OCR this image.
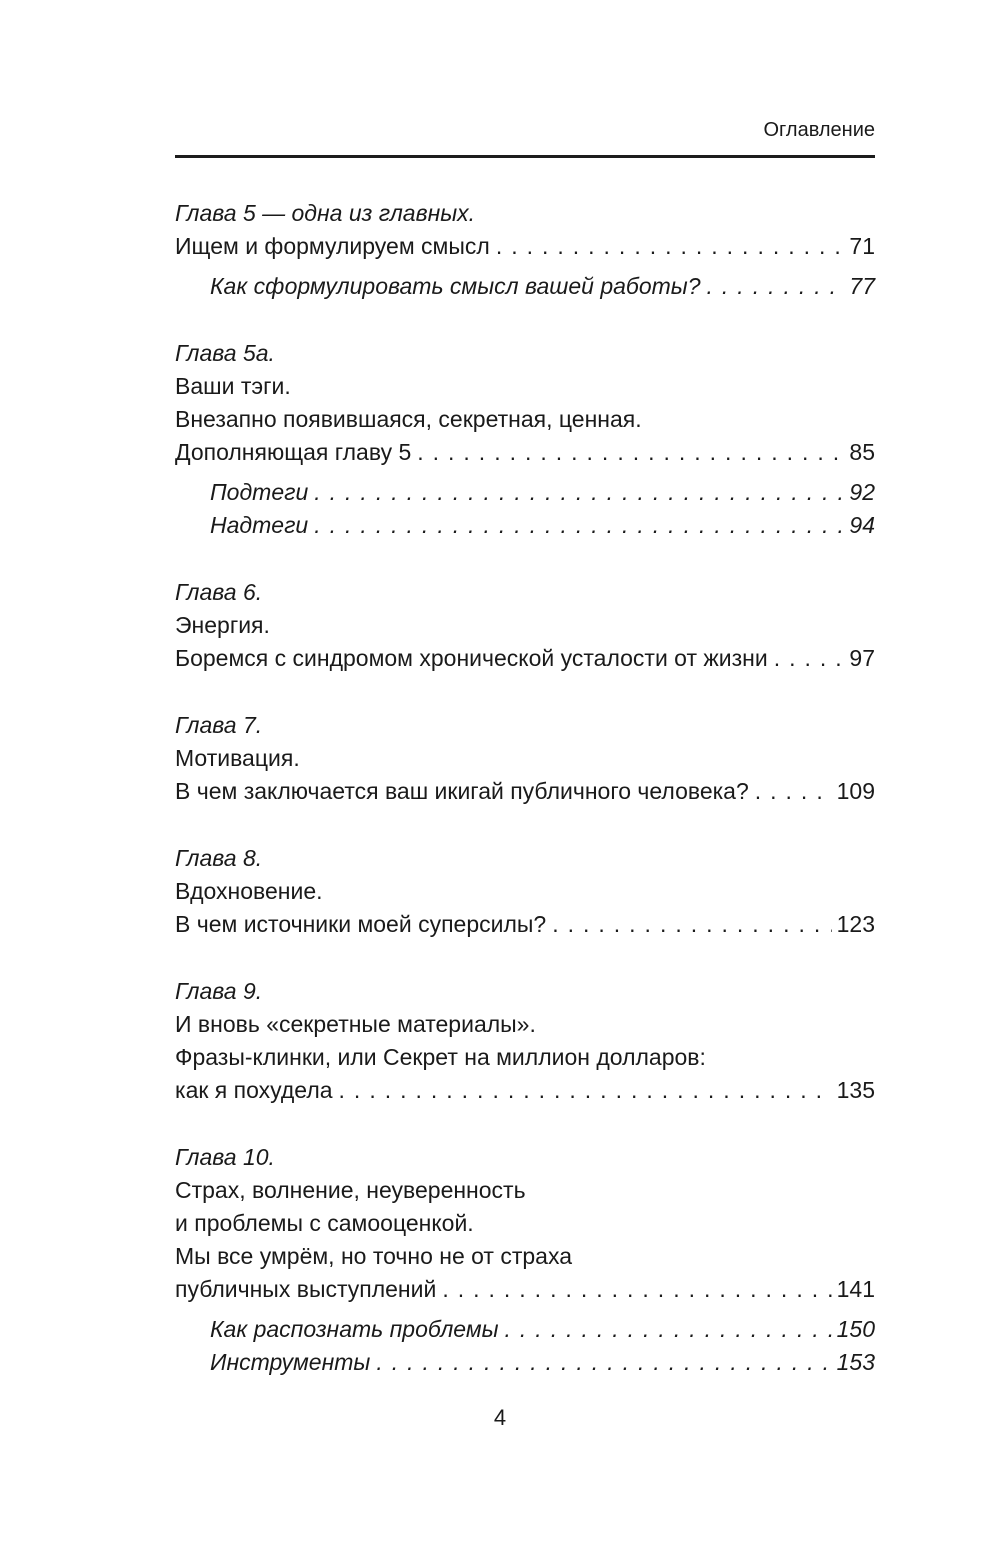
Оглавление
Глава 5 — одна из главных.
Ищем и формулируем смысл .....	71
Как сформулировать смысл вашей работы? .....	77
Глава 5а.
Ваши тэги.
Внезапно появившаяся, секретная, ценная.
Дополняющая главу 5 .....	85
Подтеги .....	92
Надтеги .....	94
Глава 6.
Энергия.
Боремся с синдромом хронической усталости от жизни .....	97
Глава 7.
Мотивация.
В чем заключается ваш икигай публичного человека? .....	109
Глава 8.
Вдохновение.
В чем источники моей суперсилы? .....	123
Глава 9.
И вновь «секретные материалы».
Фразы-клинки, или Секрет на миллион долларов:
как я похудела .....	135
Глава 10.
Страх, волнение, неуверенность
и проблемы с самооценкой.
Мы все умрём, но точно не от страха
публичных выступлений .....	141
Как распознать проблемы .....	150
Инструменты .....	153
4
